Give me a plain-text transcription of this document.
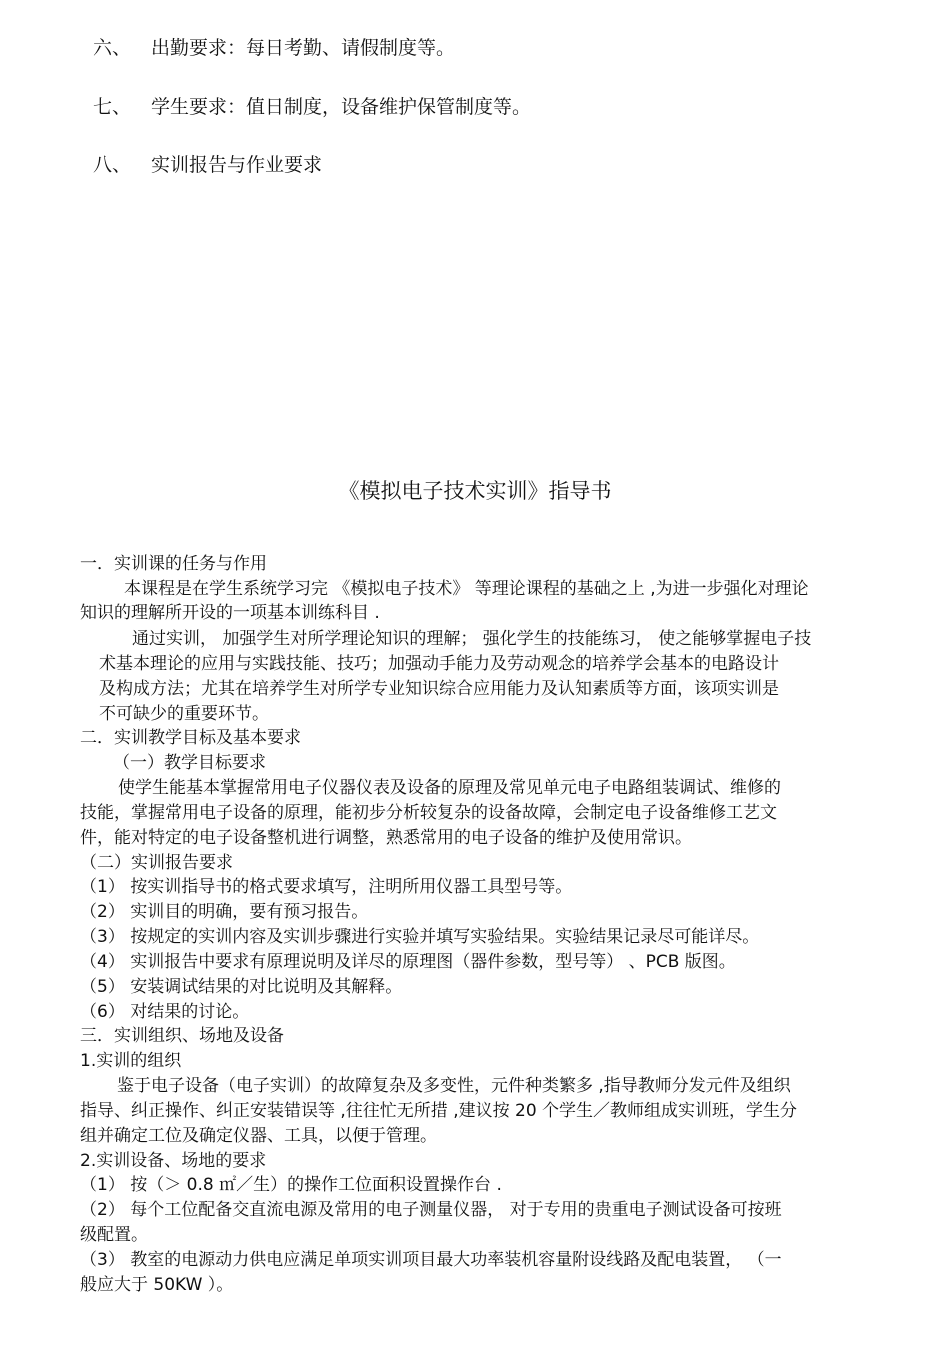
六、 出勤要求：每日考勤、请假制度等。
七、 学生要求：值日制度，设备维护保管制度等。
八、 实训报告与作业要求
《模拟电子技术实训》指导书
一．实训课的任务与作用
本课程是在学生系统学习完 《模拟电子技术》 等理论课程的基础之上 ,为进一步强化对理论
知识的理解所开设的一项基本训练科目 .
通过实训， 加强学生对所学理论知识的理解； 强化学生的技能练习， 使之能够掌握电子技
术基本理论的应用与实践技能、技巧；加强动手能力及劳动观念的培养学会基本的电路设计
及构成方法；尤其在培养学生对所学专业知识综合应用能力及认知素质等方面，该项实训是
不可缺少的重要环节。
二．实训教学目标及基本要求
（一）教学目标要求
使学生能基本掌握常用电子仪器仪表及设备的原理及常见单元电子电路组装调试、维修的
技能，掌握常用电子设备的原理，能初步分析较复杂的设备故障，会制定电子设备维修工艺文
件，能对特定的电子设备整机进行调整，熟悉常用的电子设备的维护及使用常识。
（二）实训报告要求
（1） 按实训指导书的格式要求填写，注明所用仪器工具型号等。
（2） 实训目的明确，要有预习报告。
（3） 按规定的实训内容及实训步骤进行实验并填写实验结果。实验结果记录尽可能详尽。
（4） 实训报告中要求有原理说明及详尽的原理图（器件参数，型号等） 、PCB 版图。
（5） 安装调试结果的对比说明及其解释。
（6） 对结果的讨论。
三．实训组织、场地及设备
1.实训的组织
鉴于电子设备（电子实训）的故障复杂及多变性，元件种类繁多 ,指导教师分发元件及组织
指导、纠正操作、纠正安装错误等 ,往往忙无所措 ,建议按 20 个学生／教师组成实训班，学生分
组并确定工位及确定仪器、工具，以便于管理。
2.实训设备、场地的要求
（1） 按（＞ 0.8 ㎡／生）的操作工位面积设置操作台 .
（2） 每个工位配备交直流电源及常用的电子测量仪器， 对于专用的贵重电子测试设备可按班
级配置。
（3） 教室的电源动力供电应满足单项实训项目最大功率装机容量附设线路及配电装置， （一
般应大于 50KW ）。
